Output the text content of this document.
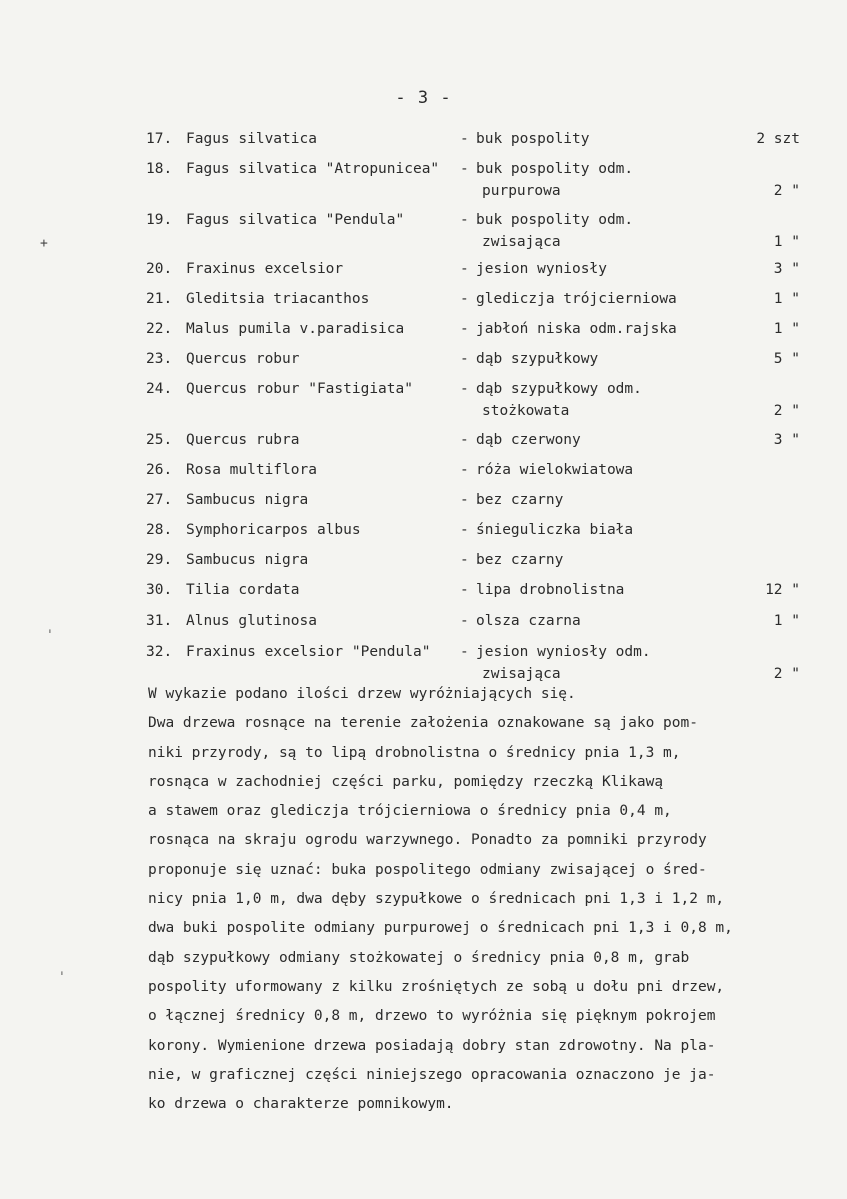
- 3 -
17. Fagus silvatica	- buk pospolity	2 szt
18. Fagus silvatica "Atropunicea" - buk pospolity odm.
purpurowa	2 "
19. Fagus silvatica "Pendula"	- buk pospolity odm.
zwisająca	1 "
20. Fraxinus excelsior	- jesion wyniosły	3 "
21. Gleditsia triacanthos	- glediczja trójcierniowa	1 "
22. Malus pumila v.paradisica	- jabłoń niska odm.rajska	1 "
23. Quercus robur	- dąb szypułkowy	5 "
24. Quercus robur "Fastigiata"	- dąb szypułkowy odm.
stożkowata	2 "
25. Quercus rubra	- dąb czerwony	3 "
26. Rosa multiflora	- róża wielokwiatowa
27. Sambucus nigra	- bez czarny
28. Symphoricarpos albus	- śnieguliczka biała
29. Sambucus nigra	- bez czarny
30. Tilia cordata	- lipa drobnolistna	12 "
31. Alnus glutinosa	- olsza czarna	1 "
32. Fraxinus excelsior "Pendula" - jesion wyniosły odm.
zwisająca	2 "

W wykazie podano ilości drzew wyróżniających się.

Dwa drzewa rosnące na terenie założenia oznakowane są jako pom-

niki przyrody, są to lipą drobnolistna o średnicy pnia 1,3 m,

rosnąca w zachodniej części parku, pomiędzy rzeczką Klikawą

a stawem oraz glediczja trójcierniowa o średnicy pnia 0,4 m,

rosnąca na skraju ogrodu warzywnego. Ponadto za pomniki przyrody

proponuje się uznać: buka pospolitego odmiany zwisającej o śred-

nicy pnia 1,0 m, dwa dęby szypułkowe o średnicach pni 1,3 i 1,2 m,

dwa buki pospolite odmiany purpurowej o średnicach pni 1,3 i 0,8 m,

dąb szypułkowy odmiany stożkowatej o średnicy pnia 0,8 m, grab

pospolity uformowany z kilku zrośniętych ze sobą u dołu pni drzew,

o łącznej średnicy 0,8 m, drzewo to wyróżnia się pięknym pokrojem

korony. Wymienione drzewa posiadają dobry stan zdrowotny. Na pla-

nie, w graficznej części niniejszego opracowania oznaczono je ja-

ko drzewa o charakterze pomnikowym.

+
ˌ
ˌ
